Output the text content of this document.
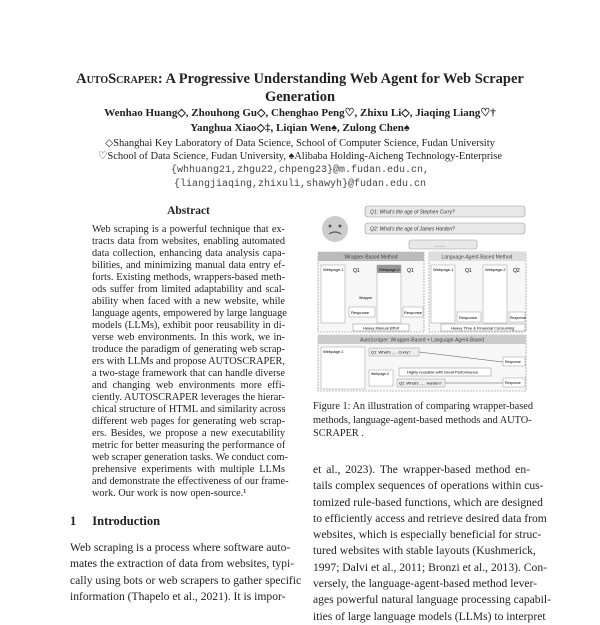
AutoScraper: A Progressive Understanding Web Agent for Web Scraper
Generation
Wenhao Huang◇, Zhouhong Gu◇, Chenghao Peng♡, Zhixu Li◇, Jiaqing Liang♡†
Yanghua Xiao◇‡, Liqian Wen♠, Zulong Chen♠
◇Shanghai Key Laboratory of Data Science, School of Computer Science, Fudan University
♡School of Data Science, Fudan University, ♠Alibaba Holding-Aicheng Technology-Enterprise
{whhuang21,zhgu22,chpeng23}@m.fudan.edu.cn,
{liangjiaqing,zhixuli,shawyh}@fudan.edu.cn
Abstract
Web scraping is a powerful technique that ex-
tracts data from websites, enabling automated
data collection, enhancing data analysis capa-
bilities, and minimizing manual data entry ef-
forts. Existing methods, wrappers-based meth-
ods suffer from limited adaptability and scal-
ability when faced with a new website, while
language agents, empowered by large language
models (LLMs), exhibit poor reusability in di-
verse web environments. In this work, we in-
troduce the paradigm of generating web scrap-
ers with LLMs and propose AUTOSCRAPER,
a two-stage framework that can handle diverse
and changing web environments more effi-
ciently. AUTOSCRAPER leverages the hierar-
chical structure of HTML and similarity across
different web pages for generating web scrap-
ers. Besides, we propose a new executability
metric for better measuring the performance of
web scraper generation tasks. We conduct com-
prehensive experiments with multiple LLMs
and demonstrate the effectiveness of our frame-
work. Our work is now open-source.¹
1 Introduction
Web scraping is a process where software auto-
mates the extraction of data from websites, typi-
cally using bots or web scrapers to gather specific
information (Thapelo et al., 2021). It is impor-
Q1: What's the age of Stephen Curry?
Q2: What's the age of James Harden?
……
Wrapper-Based Method	Language-Agent-Based Method
Webpage-1	Webpage-2	Webpage-1	Webpage-2
Q1	Q1	Q1	Q2
Wrapper
Response	Response
Response	Response
Heavy Manual Effort	Heavy Time & Financial Consuming
AutoScraper: Wrapper-Based + Language-Agent-Based
Webpage-1	Q1: What's ..... Curry?
Webpage-2	Highly reusable with Great Performance
Q2: What's ..... Harden?
Response
Response
Figure 1: An illustration of comparing wrapper-based
methods, language-agent-based methods and AUTO-
SCRAPER .
et al., 2023). The wrapper-based method en-
tails complex sequences of operations within cus-
tomized rule-based functions, which are designed
to efficiently access and retrieve desired data from
websites, which is especially beneficial for struc-
tured websites with stable layouts (Kushmerick,
1997; Dalvi et al., 2011; Bronzi et al., 2013). Con-
versely, the language-agent-based method lever-
ages powerful natural language processing capabil-
ities of large language models (LLMs) to interpret
